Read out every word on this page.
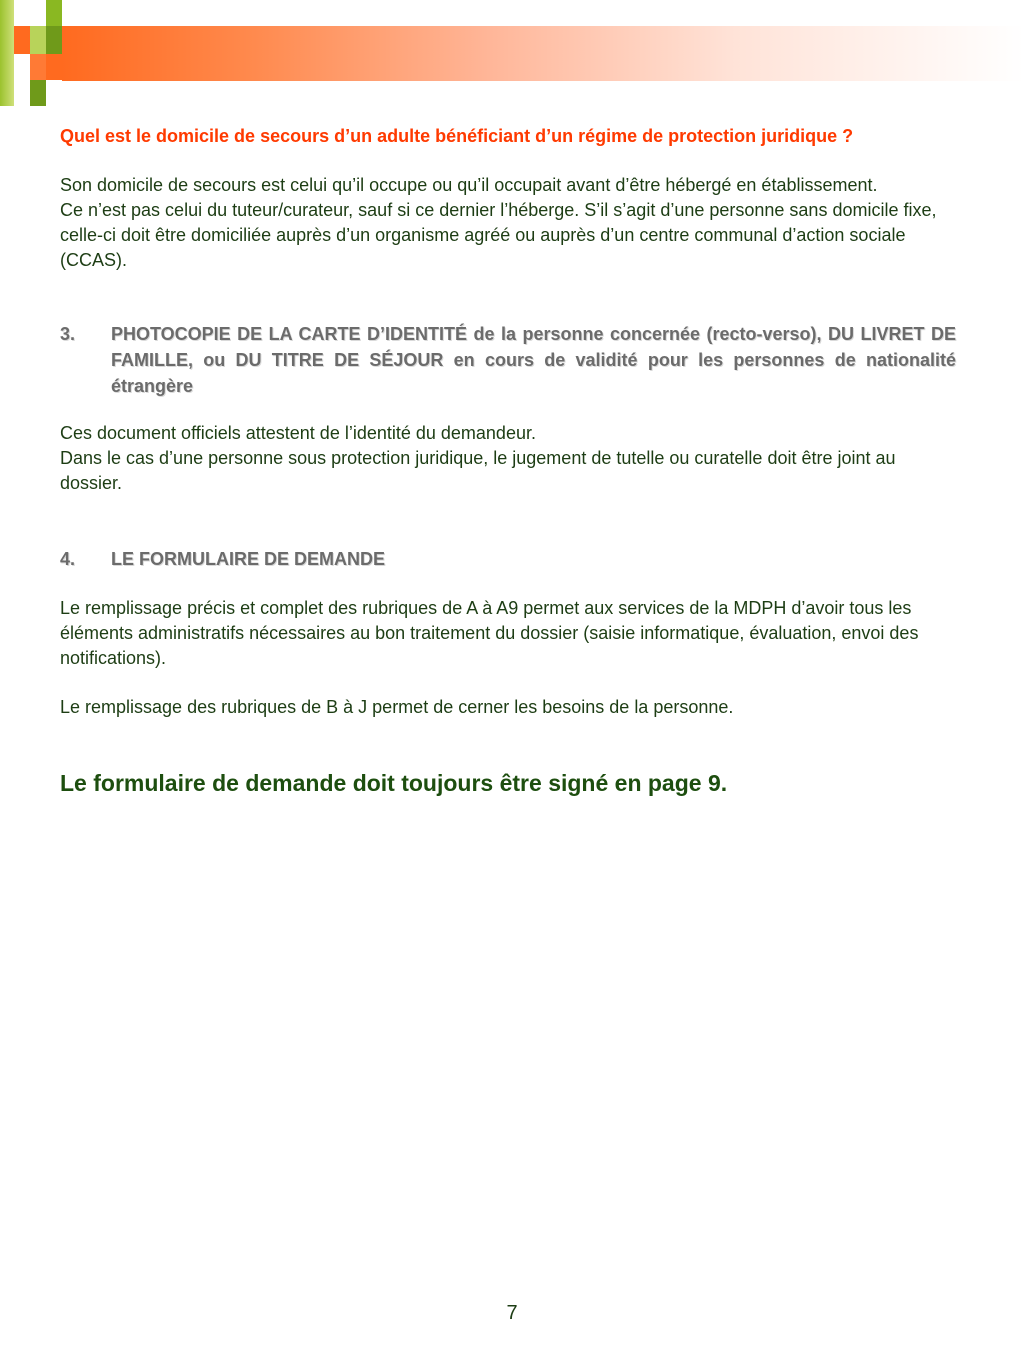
Quel est le domicile de secours d’un adulte bénéficiant d’un régime de protection juridique ?

Son domicile de secours est celui qu’il occupe ou qu’il occupait avant d’être hébergé en établissement.

Ce n’est pas celui du tuteur/curateur, sauf si ce dernier l’héberge. S’il s’agit d’une personne sans domicile fixe, celle-ci doit être domiciliée auprès d’un organisme agréé ou auprès d’un centre communal d’action sociale (CCAS).

3.	PHOTOCOPIE DE LA CARTE D’IDENTITÉ de la personne concernée (recto-verso), DU LIVRET DE FAMILLE, ou DU TITRE DE SÉJOUR en cours de validité pour les personnes de nationalité étrangère

Ces document officiels attestent de l’identité du demandeur.

Dans le cas d’une personne sous protection juridique, le jugement de tutelle ou curatelle doit être joint au dossier.

4.	LE FORMULAIRE DE DEMANDE

Le remplissage précis et complet des rubriques de A à A9 permet aux services de la MDPH d’avoir tous les éléments administratifs nécessaires au bon traitement du dossier (saisie informatique, évaluation, envoi des notifications).

Le remplissage des rubriques de B à J permet de cerner les besoins de la personne.

Le formulaire de demande doit toujours être signé en page 9.

7
